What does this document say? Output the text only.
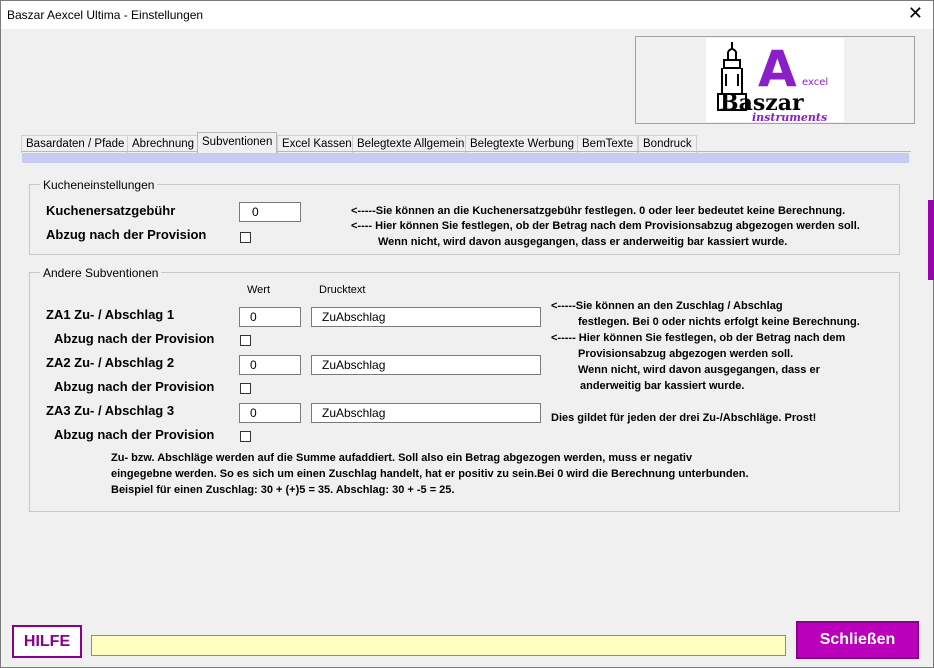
Baszar Aexcel Ultima - Einstellungen	✕
A excel
Baszar
instruments
Basardaten / Pfade Abrechnung Subventionen Excel Kassen Belegtexte Allgemein Belegtexte Werbung BemTexte Bondruck
Kucheneinstellungen
Kuchenersatzgebühr	0
Abzug nach der Provision
<-----Sie können an die Kuchenersatzgebühr festlegen. 0 oder leer bedeutet keine Berechnung.
<---- Hier können Sie festlegen, ob der Betrag nach dem Provisionsabzug abgezogen werden soll.
Wenn nicht, wird davon ausgegangen, dass er anderweitig bar kassiert wurde.
Andere Subventionen
Wert	Drucktext
ZA1 Zu- / Abschlag 1	0	ZuAbschlag
Abzug nach der Provision
ZA2 Zu- / Abschlag 2	0	ZuAbschlag
Abzug nach der Provision
ZA3 Zu- / Abschlag 3	0	ZuAbschlag
Abzug nach der Provision
<-----Sie können an den Zuschlag / Abschlag
festlegen. Bei 0 oder nichts erfolgt keine Berechnung.
<----- Hier können Sie festlegen, ob der Betrag nach dem
Provisionsabzug abgezogen werden soll.
Wenn nicht, wird davon ausgegangen, dass er
anderweitig bar kassiert wurde.
Dies gildet für jeden der drei Zu-/Abschläge. Prost!
Zu- bzw. Abschläge werden auf die Summe aufaddiert. Soll also ein Betrag abgezogen werden, muss er negativ
eingegebne werden. So es sich um einen Zuschlag handelt, hat er positiv zu sein.Bei 0 wird die Berechnung unterbunden.
Beispiel für einen Zuschlag: 30 + (+)5 = 35. Abschlag: 30 + -5 = 25.
HILFE	Schließen
